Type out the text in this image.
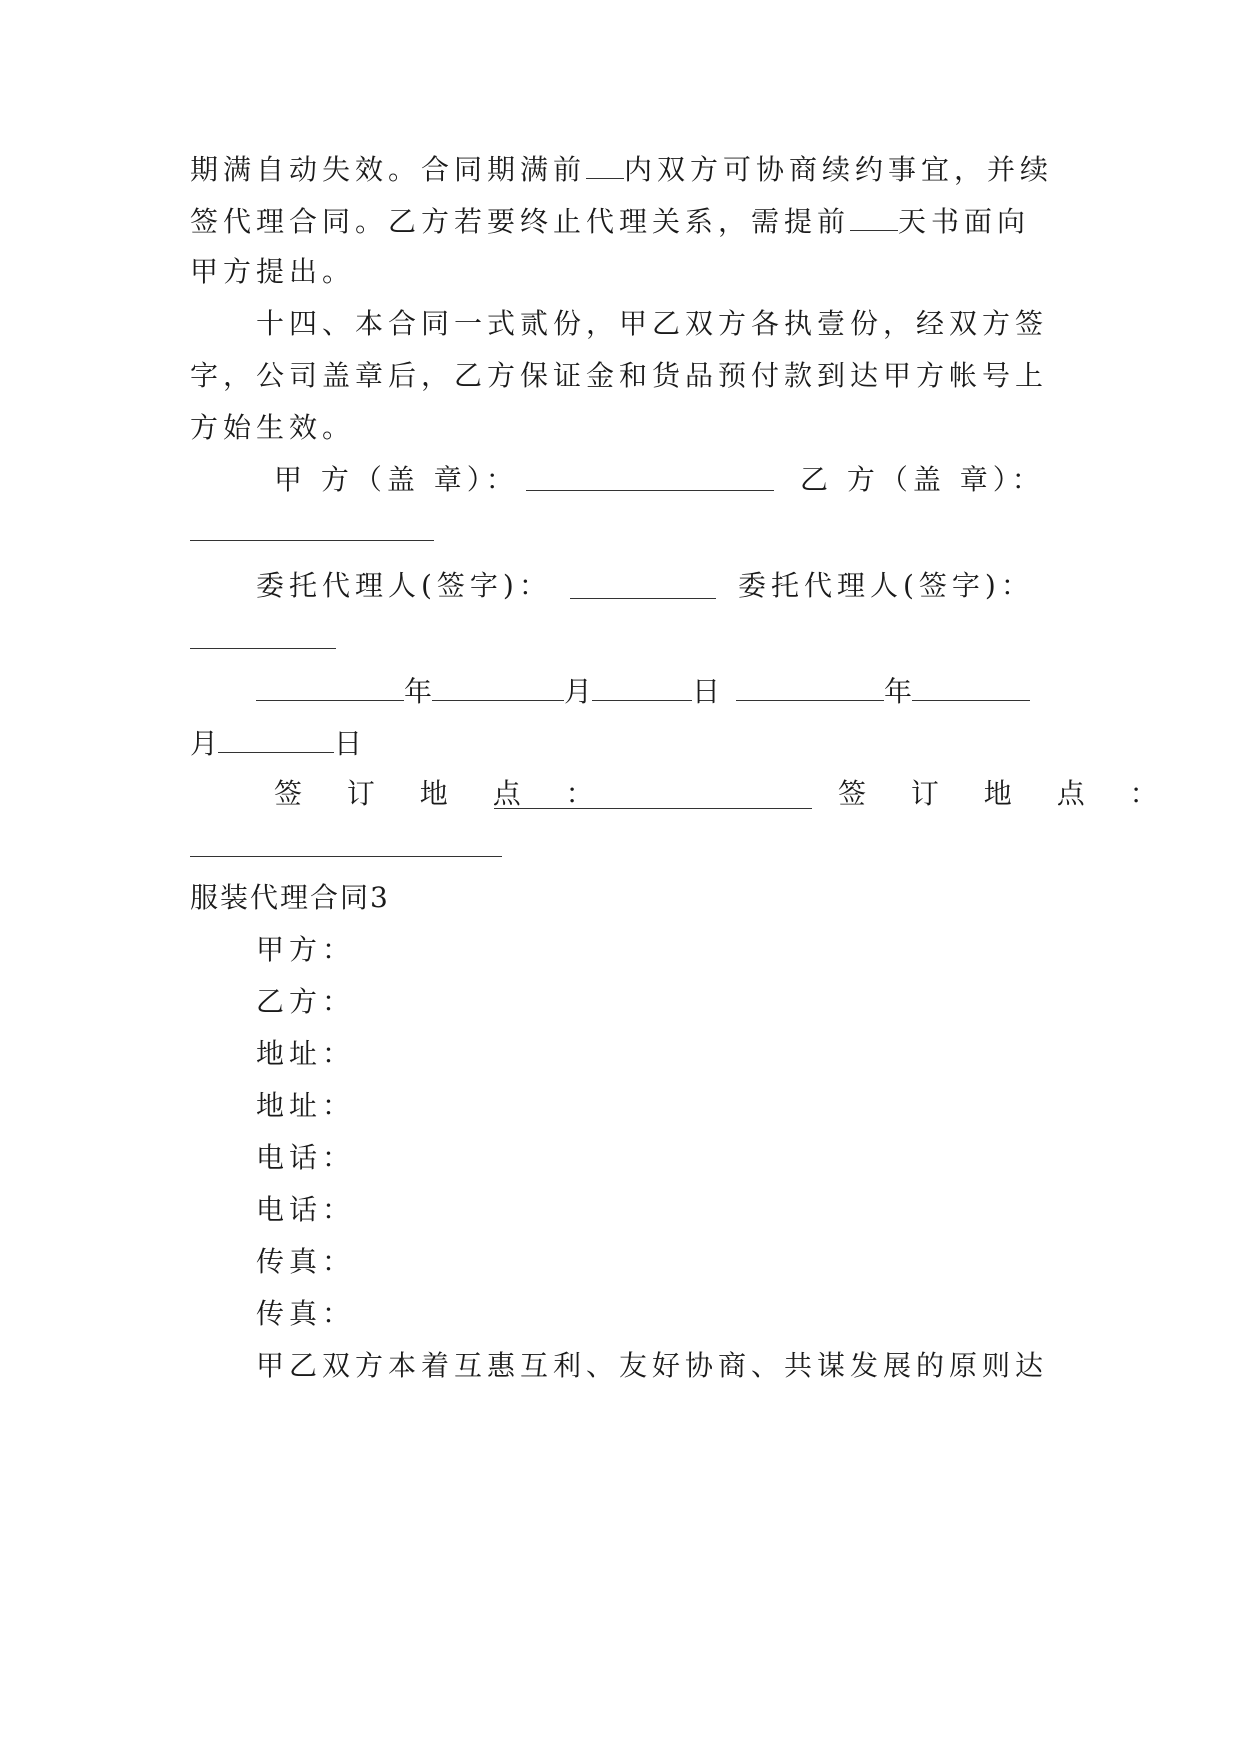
期满自动失效。合同期满前 内双方可协商续约事宜，并续
签代理合同。乙方若要终止代理关系，需提前 天书面向
甲方提出。
十四、本合同一式贰份，甲乙双方各执壹份，经双方签
字，公司盖章后，乙方保证金和货品预付款到达甲方帐号上
方始生效。
甲 方（盖 章）：	乙 方（盖 章）：
委托代理人(签字)：	委托代理人(签字)：
年	月	日	年
月	日
签 订 地 点 ：	签 订 地 点 ：
服装代理合同3
甲方：
乙方：
地址：
地址：
电话：
电话：
传真：
传真：
甲乙双方本着互惠互利、友好协商、共谋发展的原则达
